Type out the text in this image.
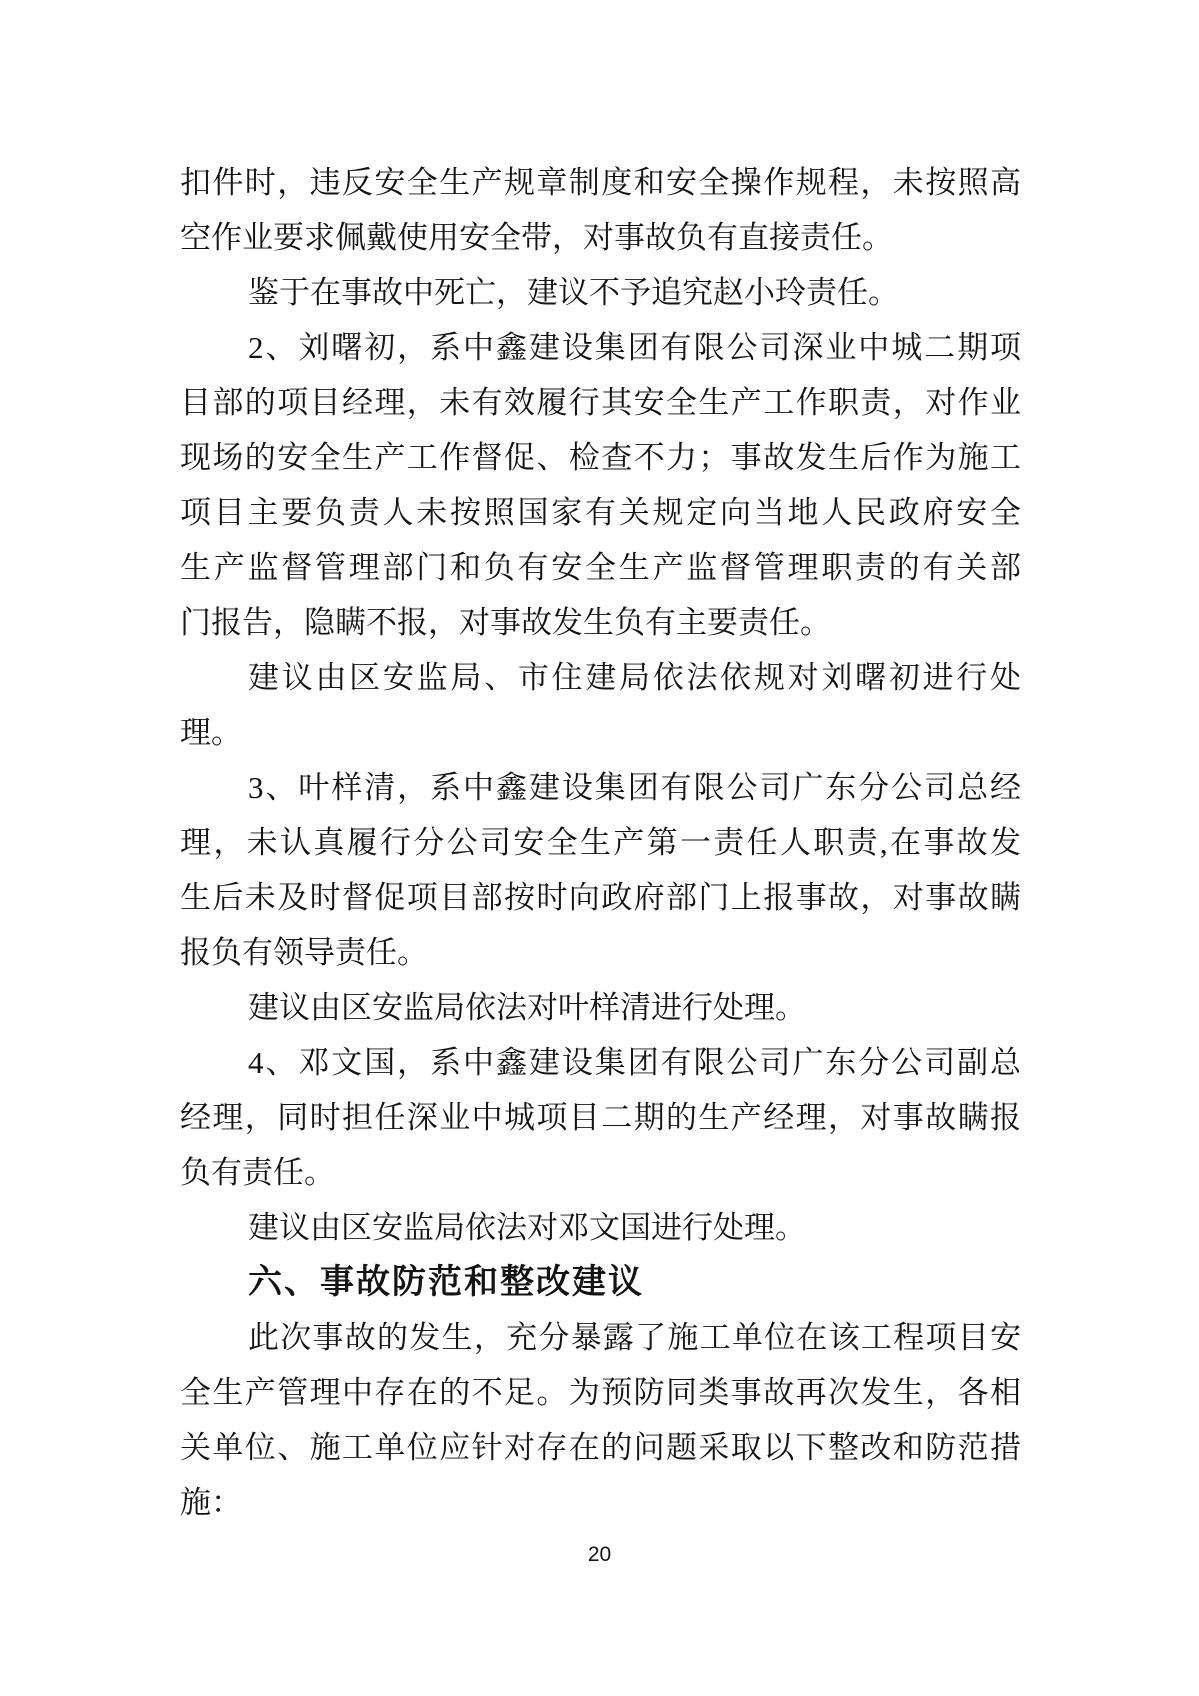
扣件时，违反安全生产规章制度和安全操作规程，未按照高
空作业要求佩戴使用安全带，对事故负有直接责任。
鉴于在事故中死亡，建议不予追究赵小玲责任。
2、刘曙初，系中鑫建设集团有限公司深业中城二期项
目部的项目经理，未有效履行其安全生产工作职责，对作业
现场的安全生产工作督促、检查不力；事故发生后作为施工
项目主要负责人未按照国家有关规定向当地人民政府安全
生产监督管理部门和负有安全生产监督管理职责的有关部
门报告，隐瞒不报，对事故发生负有主要责任。
建议由区安监局、市住建局依法依规对刘曙初进行处
理。
3、叶样清，系中鑫建设集团有限公司广东分公司总经
理，未认真履行分公司安全生产第一责任人职责,在事故发
生后未及时督促项目部按时向政府部门上报事故，对事故瞒
报负有领导责任。
建议由区安监局依法对叶样清进行处理。
4、邓文国，系中鑫建设集团有限公司广东分公司副总
经理，同时担任深业中城项目二期的生产经理，对事故瞒报
负有责任。
建议由区安监局依法对邓文国进行处理。
六、事故防范和整改建议
此次事故的发生，充分暴露了施工单位在该工程项目安
全生产管理中存在的不足。为预防同类事故再次发生，各相
关单位、施工单位应针对存在的问题采取以下整改和防范措
施：
20
